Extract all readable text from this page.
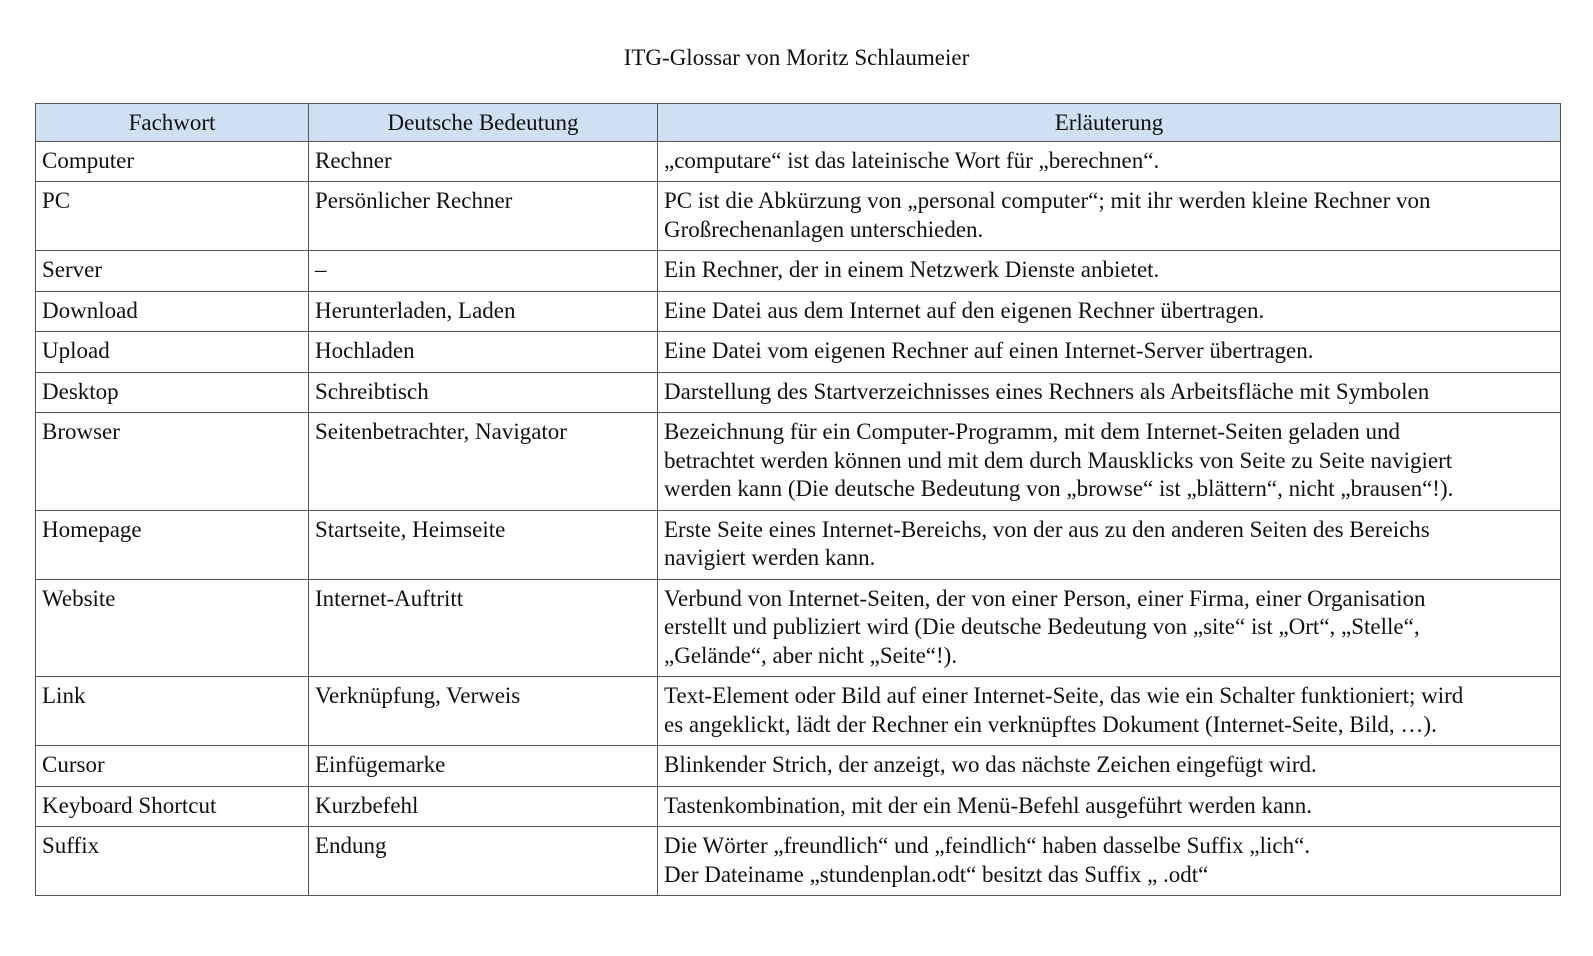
ITG-Glossar von Moritz Schlaumeier
Fachwort	Deutsche Bedeutung	Erläuterung
Computer	Rechner	„computare“ ist das lateinische Wort für „berechnen“.

PC	Persönlicher Rechner	PC ist die Abkürzung von „personal computer“; mit ihr werden kleine Rechner von
Großrechenanlagen unterschieden.

Server	–	Ein Rechner, der in einem Netzwerk Dienste anbietet.

Download	Herunterladen, Laden	Eine Datei aus dem Internet auf den eigenen Rechner übertragen.

Upload	Hochladen	Eine Datei vom eigenen Rechner auf einen Internet-Server übertragen.

Desktop	Schreibtisch	Darstellung des Startverzeichnisses eines Rechners als Arbeitsfläche mit Symbolen

Browser	Seitenbetrachter, Navigator	Bezeichnung für ein Computer-Programm, mit dem Internet-Seiten geladen und
betrachtet werden können und mit dem durch Mausklicks von Seite zu Seite navigiert
werden kann (Die deutsche Bedeutung von „browse“ ist „blättern“, nicht „brausen“!).

Homepage	Startseite, Heimseite	Erste Seite eines Internet-Bereichs, von der aus zu den anderen Seiten des Bereichs
navigiert werden kann.

Website	Internet-Auftritt	Verbund von Internet-Seiten, der von einer Person, einer Firma, einer Organisation
erstellt und publiziert wird (Die deutsche Bedeutung von „site“ ist „Ort“, „Stelle“,
„Gelände“, aber nicht „Seite“!).

Link	Verknüpfung, Verweis	Text-Element oder Bild auf einer Internet-Seite, das wie ein Schalter funktioniert; wird
es angeklickt, lädt der Rechner ein verknüpftes Dokument (Internet-Seite, Bild, …).

Cursor	Einfügemarke	Blinkender Strich, der anzeigt, wo das nächste Zeichen eingefügt wird.

Keyboard Shortcut	Kurzbefehl	Tastenkombination, mit der ein Menü-Befehl ausgeführt werden kann.

Suffix	Endung	Die Wörter „freundlich“ und „feindlich“ haben dasselbe Suffix „lich“.
Der Dateiname „stundenplan.odt“ besitzt das Suffix „ .odt“
